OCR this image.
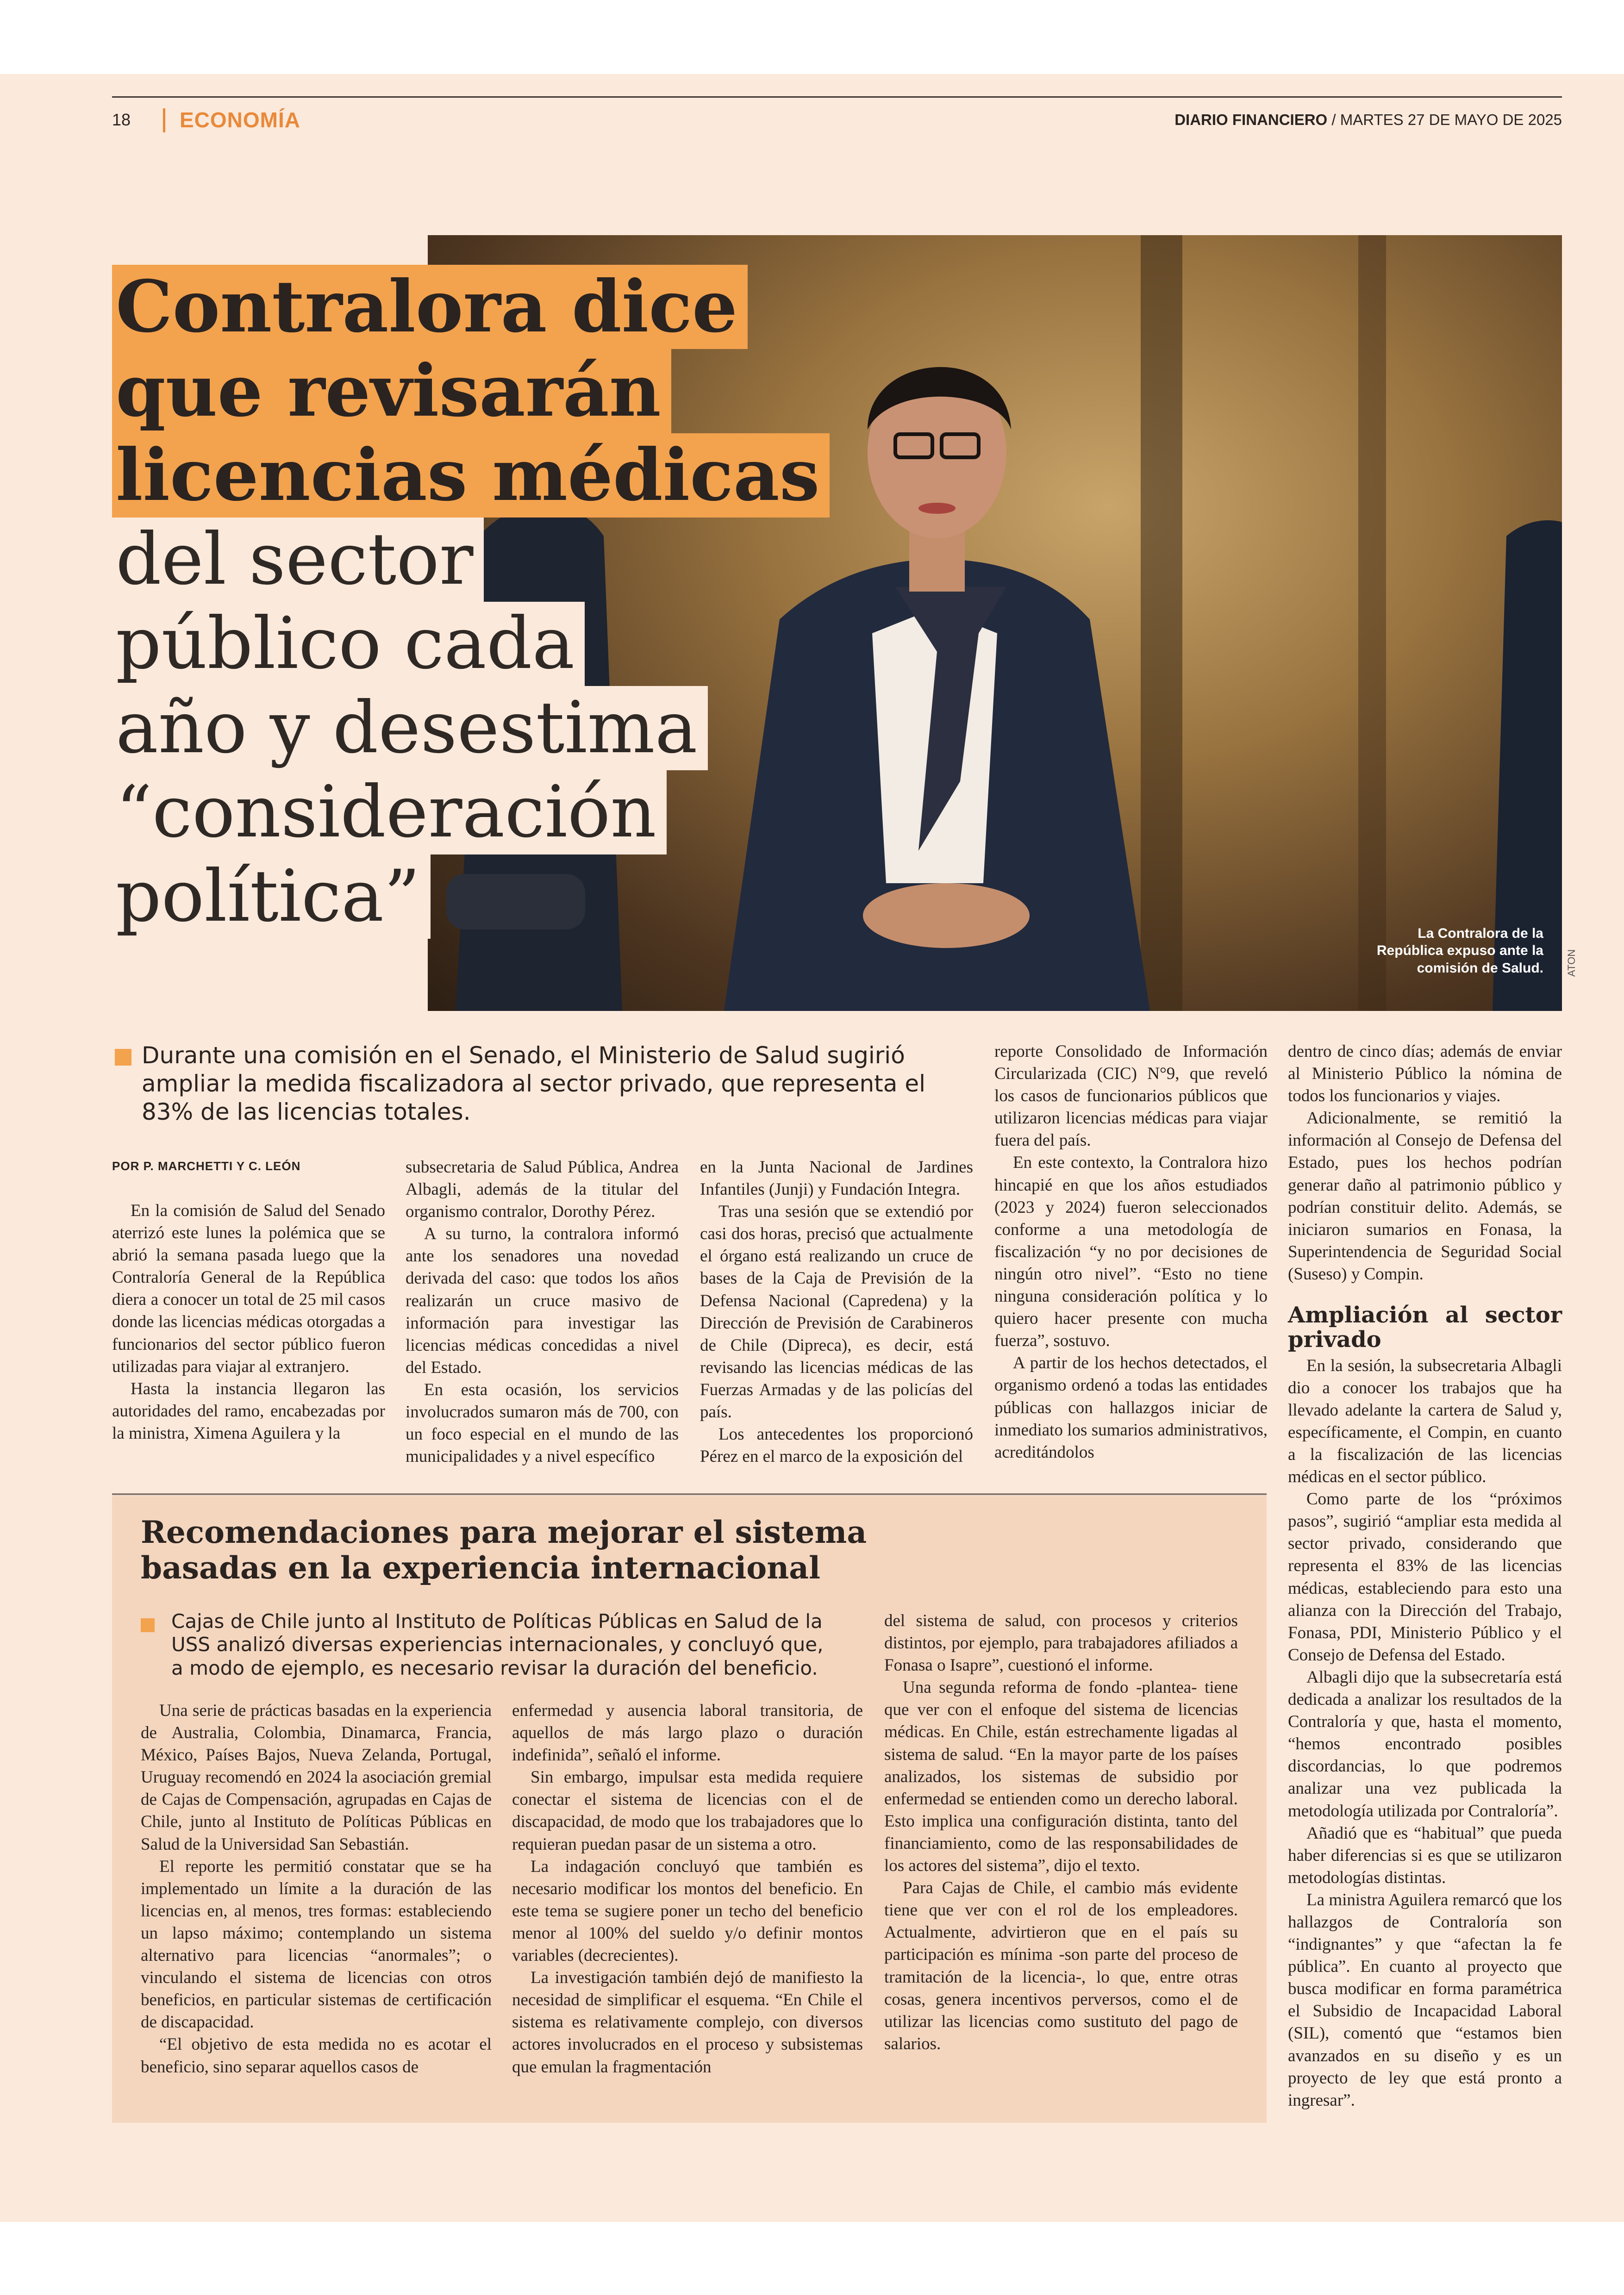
18 ECONOMÍA	DIARIO FINANCIERO / MARTES 27 DE MAYO DE 2025
La Contralora de la República expuso ante la comisión de Salud. ATON
Contralora dice
que revisarán
licencias médicas
del sector
público cada
año y desestima
“consideración
política”
Durante una comisión en el Senado, el Ministerio de Salud sugirió ampliar la medida fiscalizadora al sector privado, que representa el 83% de las licencias totales.
POR P. MARCHETTI Y C. LEÓN

En la comisión de Salud del Senado aterrizó este lunes la polémica que se abrió la semana pasada luego que la Contraloría General de la República diera a conocer un total de 25 mil casos donde las licencias médicas otorgadas a funcionarios del sector público fueron utilizadas para viajar al extranjero.

Hasta la instancia llegaron las autoridades del ramo, encabezadas por la ministra, Ximena Aguilera y la

subsecretaria de Salud Pública, Andrea Albagli, además de la titular del organismo contralor, Dorothy Pérez.

A su turno, la contralora informó ante los senadores una novedad derivada del caso: que todos los años realizarán un cruce masivo de información para investigar las licencias médicas concedidas a nivel del Estado.

En esta ocasión, los servicios involucrados sumaron más de 700, con un foco especial en el mundo de las municipalidades y a nivel específico

en la Junta Nacional de Jardines Infantiles (Junji) y Fundación Integra.

Tras una sesión que se extendió por casi dos horas, precisó que actualmente el órgano está realizando un cruce de bases de la Caja de Previsión de la Defensa Nacional (Capredena) y la Dirección de Previsión de Carabineros de Chile (Dipreca), es decir, está revisando las licencias médicas de las Fuerzas Armadas y de las policías del país.

Los antecedentes los proporcionó Pérez en el marco de la exposición del

reporte Consolidado de Información Circularizada (CIC) N°9, que reveló los casos de funcionarios públicos que utilizaron licencias médicas para viajar fuera del país.

En este contexto, la Contralora hizo hincapié en que los años estudiados (2023 y 2024) fueron seleccionados conforme a una metodología de fiscalización “y no por decisiones de ningún otro nivel”. “Esto no tiene ninguna consideración política y lo quiero hacer presente con mucha fuerza”, sostuvo.

A partir de los hechos detectados, el organismo ordenó a todas las entidades públicas con hallazgos iniciar de inmediato los sumarios administrativos, acreditándolos

dentro de cinco días; además de enviar al Ministerio Público la nómina de todos los funcionarios y viajes.

Adicionalmente, se remitió la información al Consejo de Defensa del Estado, pues los hechos podrían generar daño al patrimonio público y podrían constituir delito. Además, se iniciaron sumarios en Fonasa, la Superintendencia de Seguridad Social (Suseso) y Compin.

Ampliación al sector privado

En la sesión, la subsecretaria Albagli dio a conocer los trabajos que ha llevado adelante la cartera de Salud y, específicamente, el Compin, en cuanto a la fiscalización de las licencias médicas en el sector público.

Como parte de los “próximos pasos”, sugirió “ampliar esta medida al sector privado, considerando que representa el 83% de las licencias médicas, estableciendo para esto una alianza con la Dirección del Trabajo, Fonasa, PDI, Ministerio Público y el Consejo de Defensa del Estado.

Albagli dijo que la subsecretaría está dedicada a analizar los resultados de la Contraloría y que, hasta el momento, “hemos encontrado posibles discordancias, lo que podremos analizar una vez publicada la metodología utilizada por Contraloría”.

Añadió que es “habitual” que pueda haber diferencias si es que se utilizaron metodologías distintas.

La ministra Aguilera remarcó que los hallazgos de Contraloría son “indignantes” y que “afectan la fe pública”. En cuanto al proyecto que busca modificar en forma paramétrica el Subsidio de Incapacidad Laboral (SIL), comentó que “estamos bien avanzados en su diseño y es un proyecto de ley que está pronto a ingresar”.

Recomendaciones para mejorar el sistema basadas en la experiencia internacional
Cajas de Chile junto al Instituto de Políticas Públicas en Salud de la USS analizó diversas experiencias internacionales, y concluyó que, a modo de ejemplo, es necesario revisar la duración del beneficio.

Una serie de prácticas basadas en la experiencia de Australia, Colombia, Dinamarca, Francia, México, Países Bajos, Nueva Zelanda, Portugal, Uruguay recomendó en 2024 la asociación gremial de Cajas de Compensación, agrupadas en Cajas de Chile, junto al Instituto de Políticas Públicas en Salud de la Universidad San Sebastián.

El reporte les permitió constatar que se ha implementado un límite a la duración de las licencias en, al menos, tres formas: estableciendo un lapso máximo; contemplando un sistema alternativo para licencias “anormales”; o vinculando el sistema de licencias con otros beneficios, en particular sistemas de certificación de discapacidad.

“El objetivo de esta medida no es acotar el beneficio, sino separar aquellos casos de

enfermedad y ausencia laboral transitoria, de aquellos de más largo plazo o duración indefinida”, señaló el informe.

Sin embargo, impulsar esta medida requiere conectar el sistema de licencias con el de discapacidad, de modo que los trabajadores que lo requieran puedan pasar de un sistema a otro.

La indagación concluyó que también es necesario modificar los montos del beneficio. En este tema se sugiere poner un techo del beneficio menor al 100% del sueldo y/o definir montos variables (decrecientes).

La investigación también dejó de manifiesto la necesidad de simplificar el esquema. “En Chile el sistema es relativamente complejo, con diversos actores involucrados en el proceso y subsistemas que emulan la fragmentación

del sistema de salud, con procesos y criterios distintos, por ejemplo, para trabajadores afiliados a Fonasa o Isapre”, cuestionó el informe.

Una segunda reforma de fondo -plantea- tiene que ver con el enfoque del sistema de licencias médicas. En Chile, están estrechamente ligadas al sistema de salud. “En la mayor parte de los países analizados, los sistemas de subsidio por enfermedad se entienden como un derecho laboral. Esto implica una configuración distinta, tanto del financiamiento, como de las responsabilidades de los actores del sistema”, dijo el texto.

Para Cajas de Chile, el cambio más evidente tiene que ver con el rol de los empleadores. Actualmente, advirtieron que en el país su participación es mínima -son parte del proceso de tramitación de la licencia-, lo que, entre otras cosas, genera incentivos perversos, como el de utilizar las licencias como sustituto del pago de salarios.
